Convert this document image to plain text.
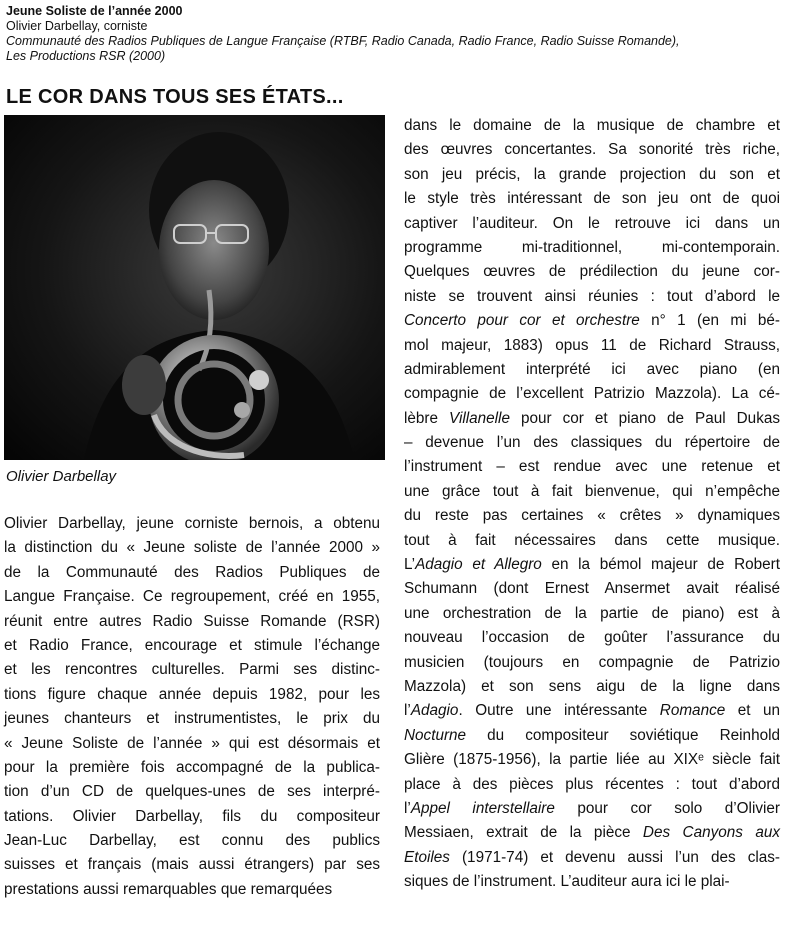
Jeune Soliste de l’année 2000
Olivier Darbellay, corniste
Communauté des Radios Publiques de Langue Française (RTBF, Radio Canada, Radio France, Radio Suisse Romande),
Les Productions RSR (2000)
LE COR DANS TOUS SES ÉTATS...
Olivier Darbellay
Olivier Darbellay, jeune corniste bernois, a obtenu
la distinction du « Jeune soliste de l’année 2000 »
de la Communauté des Radios Publiques de
Langue Française. Ce regroupement, créé en 1955,
réunit entre autres Radio Suisse Romande (RSR)
et Radio France, encourage et stimule l’échange
et les rencontres culturelles. Parmi ses distinc-
tions figure chaque année depuis 1982, pour les
jeunes chanteurs et instrumentistes, le prix du
« Jeune Soliste de l’année » qui est désormais et
pour la première fois accompagné de la publica-
tion d’un CD de quelques-unes de ses interpré-
tations. Olivier Darbellay, fils du compositeur
Jean-Luc Darbellay, est connu des publics
suisses et français (mais aussi étrangers) par ses
prestations aussi remarquables que remarquées
dans le domaine de la musique de chambre et
des œuvres concertantes. Sa sonorité très riche,
son jeu précis, la grande projection du son et
le style très intéressant de son jeu ont de quoi
captiver l’auditeur. On le retrouve ici dans un
programme mi-traditionnel, mi-contemporain.
Quelques œuvres de prédilection du jeune cor-
niste se trouvent ainsi réunies : tout d’abord le
Concerto pour cor et orchestre n° 1 (en mi bé-
mol majeur, 1883) opus 11 de Richard Strauss,
admirablement interprété ici avec piano (en
compagnie de l’excellent Patrizio Mazzola). La cé-
lèbre Villanelle pour cor et piano de Paul Dukas
– devenue l’un des classiques du répertoire de
l’instrument – est rendue avec une retenue et
une grâce tout à fait bienvenue, qui n’empêche
du reste pas certaines « crêtes » dynamiques
tout à fait nécessaires dans cette musique.
L’Adagio et Allegro en la bémol majeur de Robert
Schumann (dont Ernest Ansermet avait réalisé
une orchestration de la partie de piano) est à
nouveau l’occasion de goûter l’assurance du
musicien (toujours en compagnie de Patrizio
Mazzola) et son sens aigu de la ligne dans
l’Adagio. Outre une intéressante Romance et un
Nocturne du compositeur soviétique Reinhold
Glière (1875-1956), la partie liée au XIXᵉ siècle fait
place à des pièces plus récentes : tout d’abord
l’Appel interstellaire pour cor solo d’Olivier
Messiaen, extrait de la pièce Des Canyons aux
Etoiles (1971-74) et devenu aussi l’un des clas-
siques de l’instrument. L’auditeur aura ici le plai-
